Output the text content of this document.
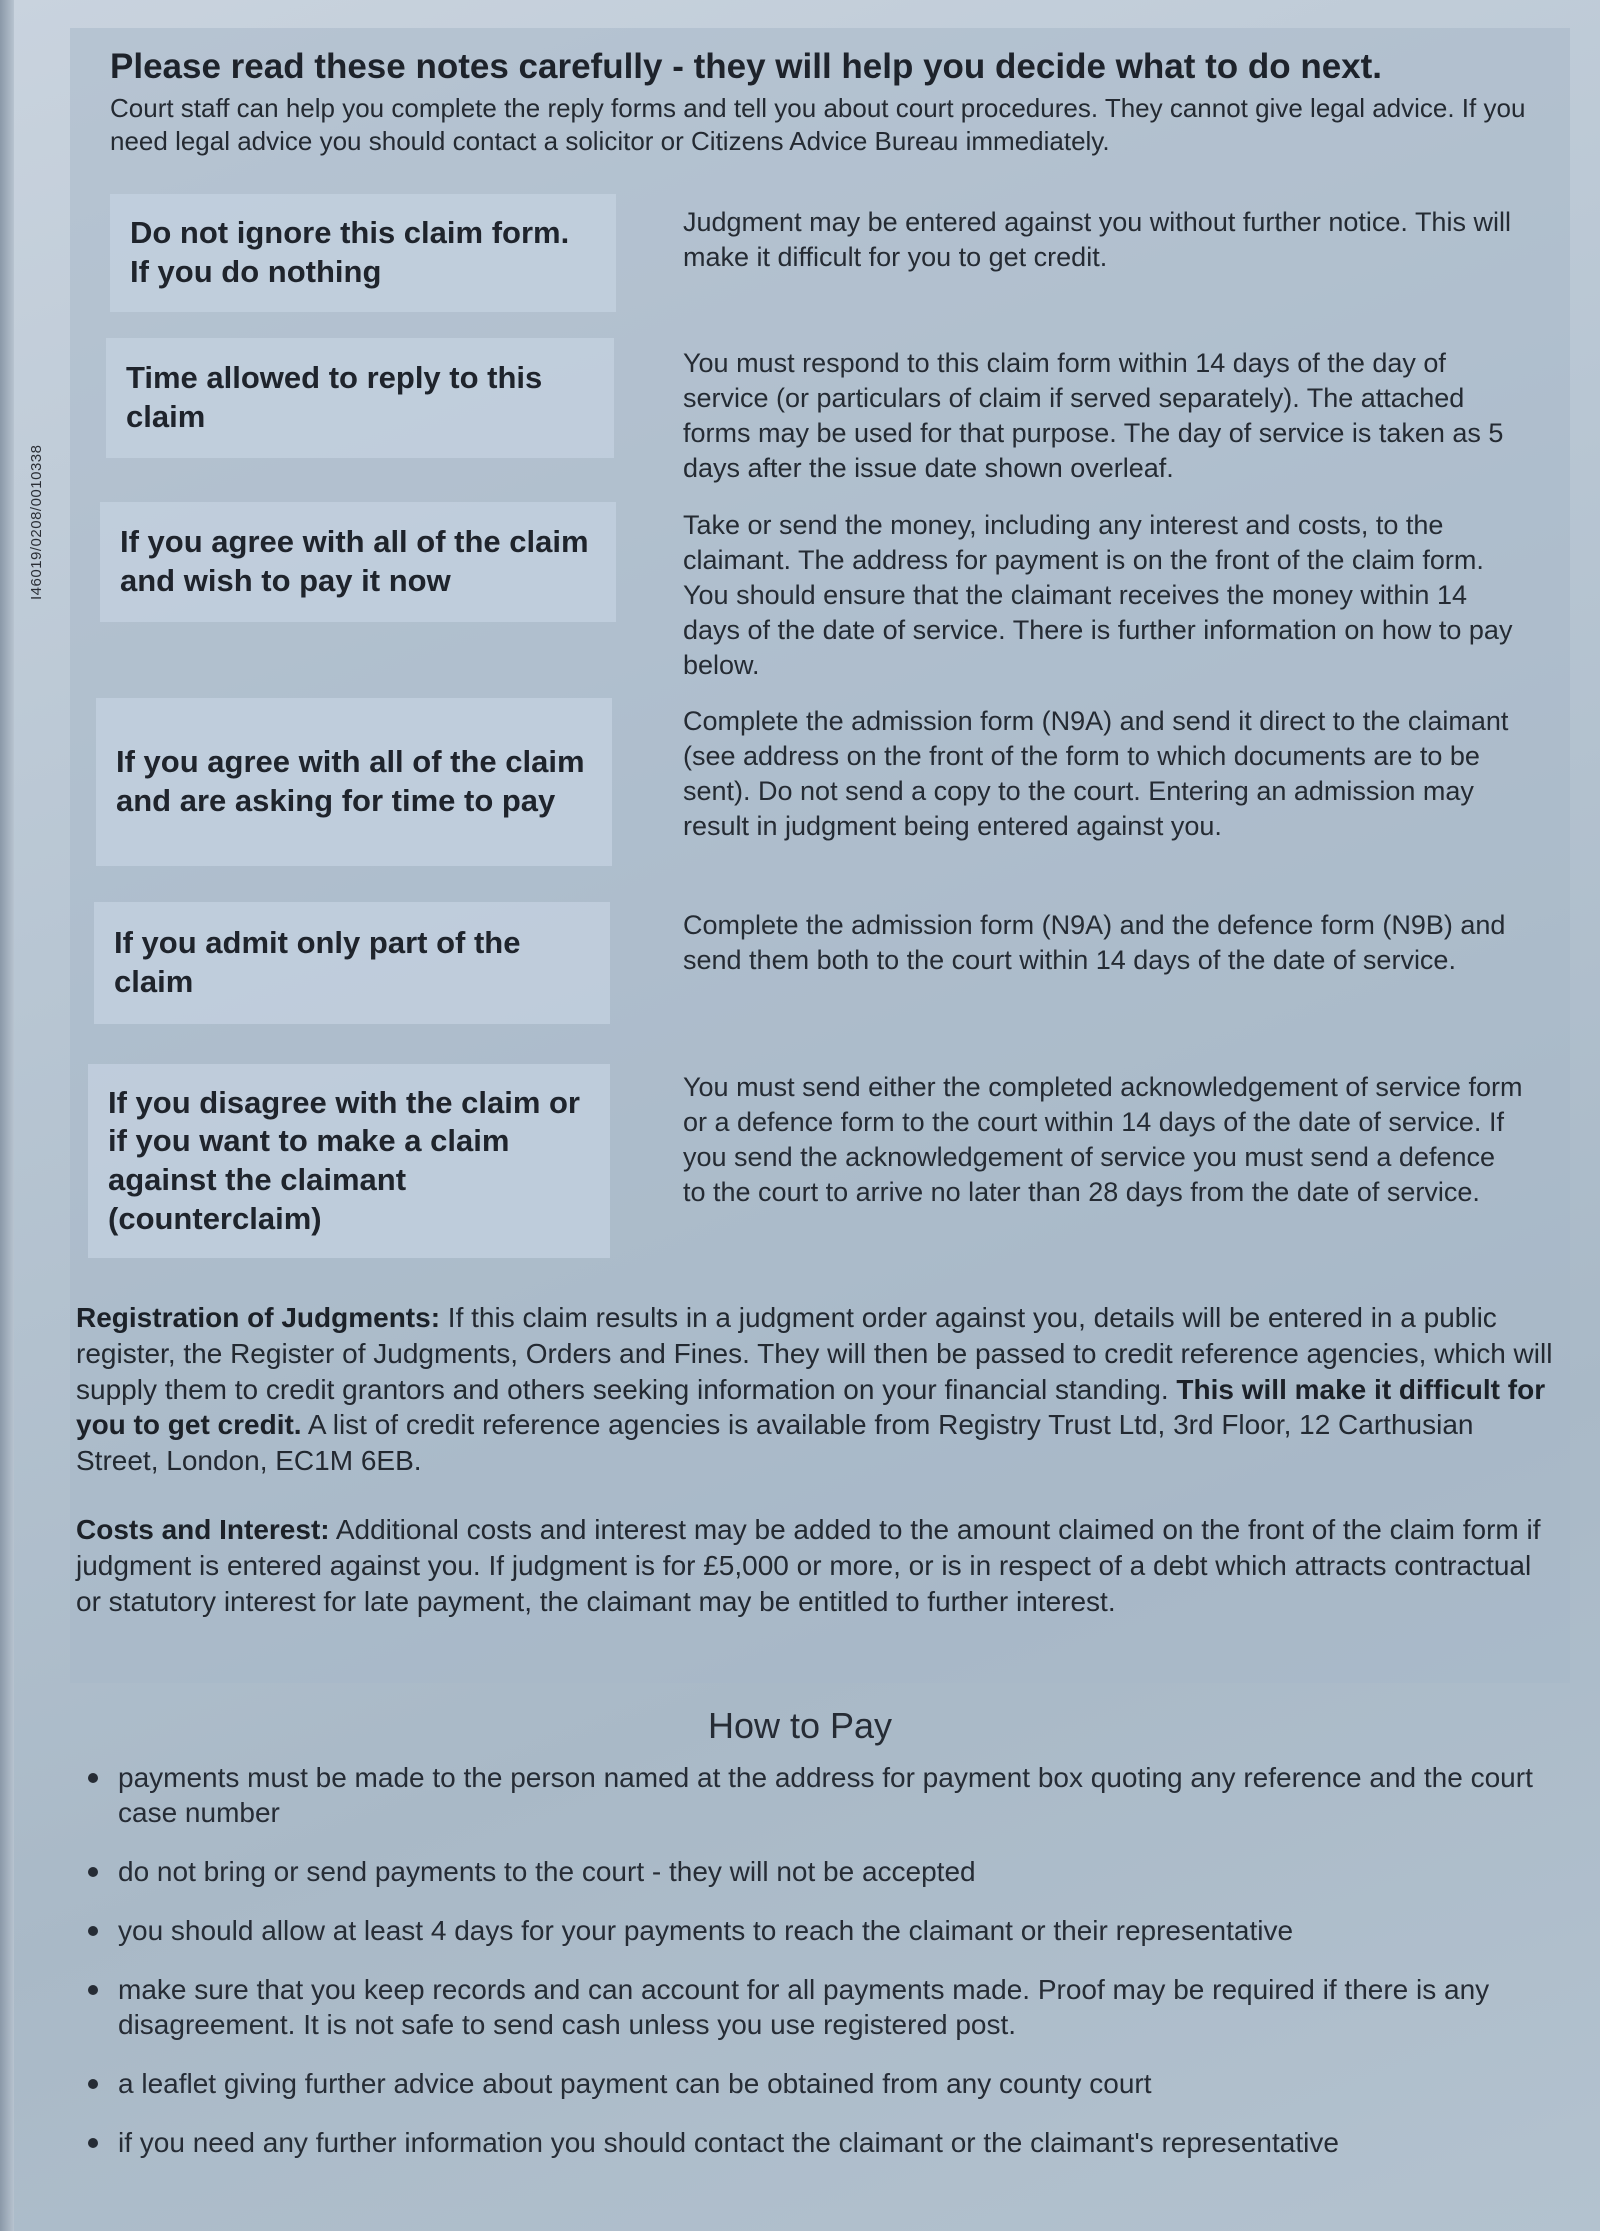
I46019/0208/0010338
Please read these notes carefully - they will help you decide what to do next.
Court staff can help you complete the reply forms and tell you about court procedures. They cannot give legal advice. If you need legal advice you should contact a solicitor or Citizens Advice Bureau immediately.
Do not ignore this claim form. If you do nothing
Judgment may be entered against you without further notice. This will make it difficult for you to get credit.
Time allowed to reply to this claim
You must respond to this claim form within 14 days of the day of service (or particulars of claim if served separately). The attached forms may be used for that purpose. The day of service is taken as 5 days after the issue date shown overleaf.
If you agree with all of the claim and wish to pay it now
Take or send the money, including any interest and costs, to the claimant. The address for payment is on the front of the claim form. You should ensure that the claimant receives the money within 14 days of the date of service. There is further information on how to pay below.
If you agree with all of the claim and are asking for time to pay
Complete the admission form (N9A) and send it direct to the claimant (see address on the front of the form to which documents are to be sent). Do not send a copy to the court. Entering an admission may result in judgment being entered against you.
If you admit only part of the claim
Complete the admission form (N9A) and the defence form (N9B) and send them both to the court within 14 days of the date of service.
If you disagree with the claim or if you want to make a claim against the claimant (counterclaim)
You must send either the completed acknowledgement of service form or a defence form to the court within 14 days of the date of service. If you send the acknowledgement of service you must send a defence to the court to arrive no later than 28 days from the date of service.
Registration of Judgments: If this claim results in a judgment order against you, details will be entered in a public register, the Register of Judgments, Orders and Fines. They will then be passed to credit reference agencies, which will supply them to credit grantors and others seeking information on your financial standing. This will make it difficult for you to get credit. A list of credit reference agencies is available from Registry Trust Ltd, 3rd Floor, 12 Carthusian Street, London, EC1M 6EB.
Costs and Interest: Additional costs and interest may be added to the amount claimed on the front of the claim form if judgment is entered against you. If judgment is for £5,000 or more, or is in respect of a debt which attracts contractual or statutory interest for late payment, the claimant may be entitled to further interest.
How to Pay
payments must be made to the person named at the address for payment box quoting any reference and the court case number
do not bring or send payments to the court - they will not be accepted
you should allow at least 4 days for your payments to reach the claimant or their representative
make sure that you keep records and can account for all payments made. Proof may be required if there is any disagreement. It is not safe to send cash unless you use registered post.
a leaflet giving further advice about payment can be obtained from any county court
if you need any further information you should contact the claimant or the claimant's representative
